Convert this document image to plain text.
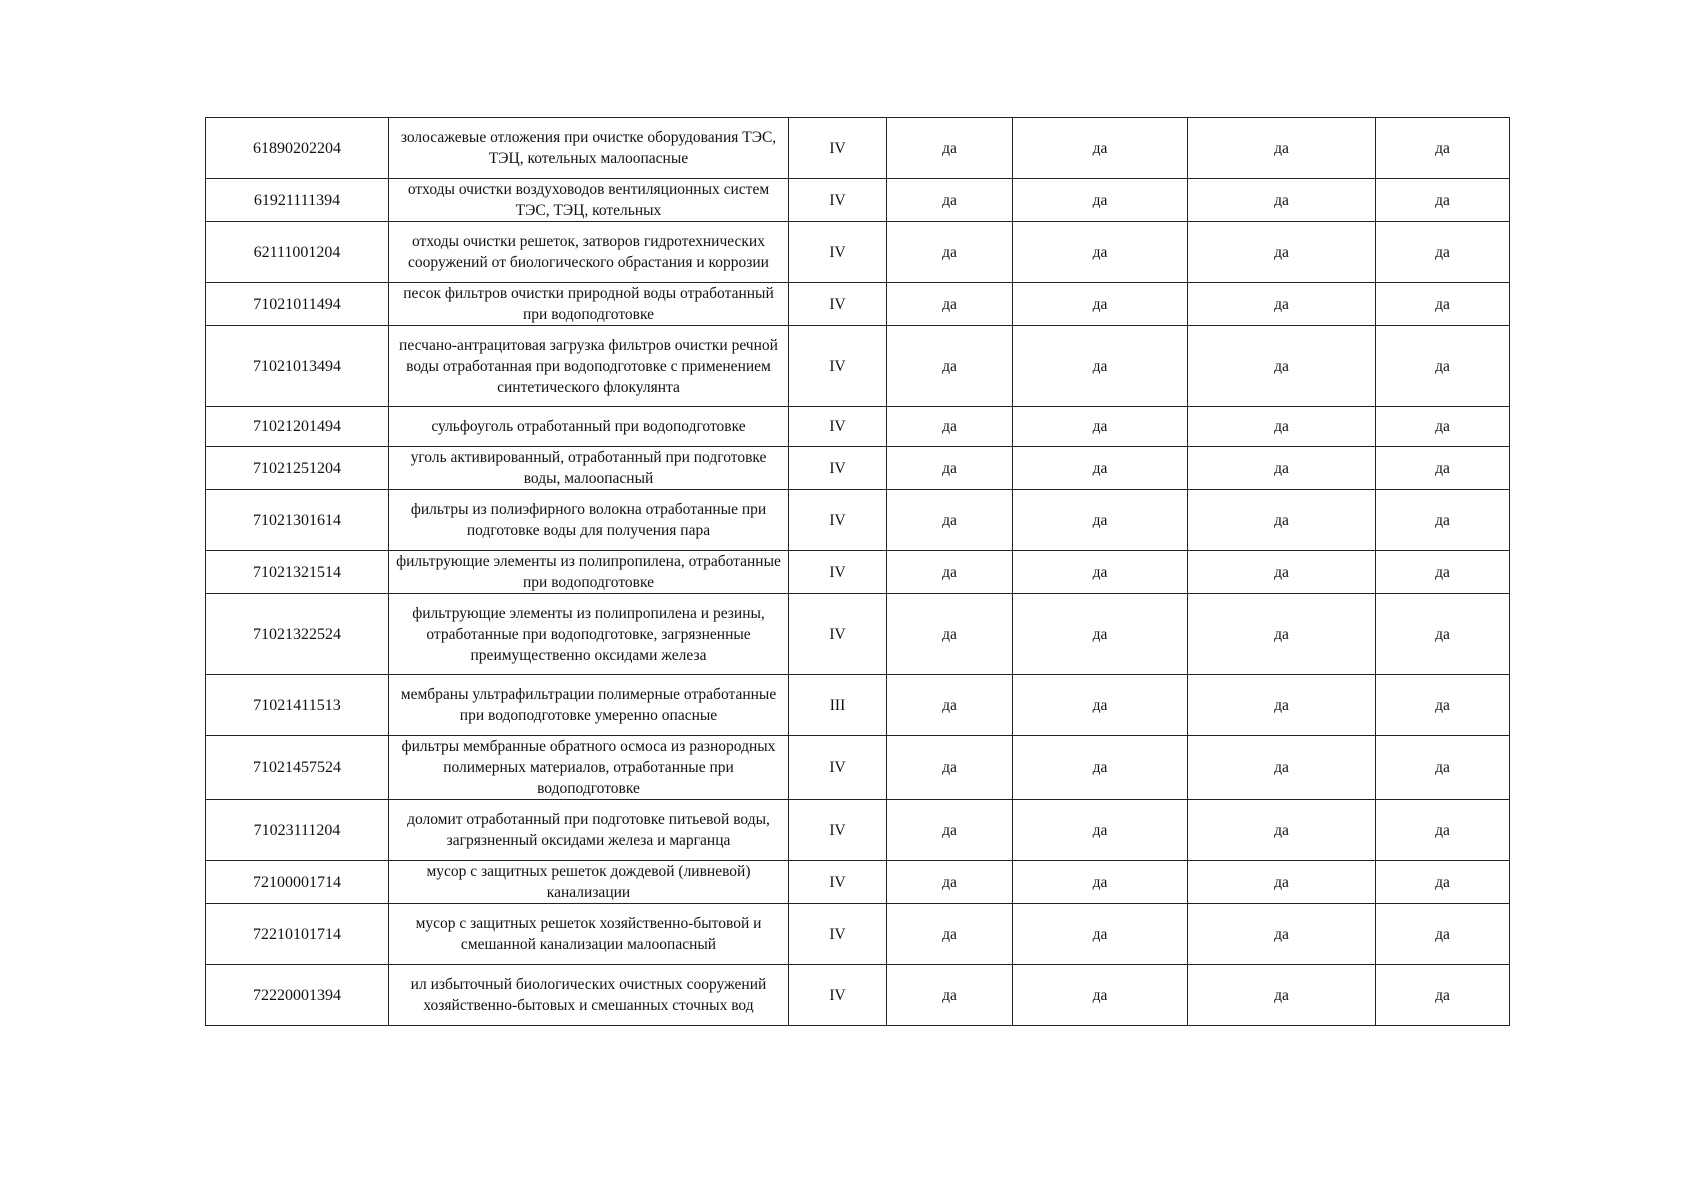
61890202204	золосажевые отложения при очистке оборудования ТЭС, ТЭЦ, котельных малоопасные	IV	да	да	да	да
61921111394	отходы очистки воздуховодов вентиляционных систем ТЭС, ТЭЦ, котельных	IV	да	да	да	да
62111001204	отходы очистки решеток, затворов гидротехнических сооружений от биологического обрастания и коррозии	IV	да	да	да	да
71021011494	песок фильтров очистки природной воды отработанный при водоподготовке	IV	да	да	да	да
71021013494	песчано-антрацитовая загрузка фильтров очистки речной воды отработанная при водоподготовке с применением синтетического флокулянта	IV	да	да	да	да
71021201494	сульфоуголь отработанный при водоподготовке	IV	да	да	да	да
71021251204	уголь активированный, отработанный при подготовке воды, малоопасный	IV	да	да	да	да
71021301614	фильтры из полиэфирного волокна отработанные при подготовке воды для получения пара	IV	да	да	да	да
71021321514	фильтрующие элементы из полипропилена, отработанные при водоподготовке	IV	да	да	да	да
71021322524	фильтрующие элементы из полипропилена и резины, отработанные при водоподготовке, загрязненные преимущественно оксидами железа	IV	да	да	да	да
71021411513	мембраны ультрафильтрации полимерные отработанные при водоподготовке умеренно опасные	III	да	да	да	да
71021457524	фильтры мембранные обратного осмоса из разнородных полимерных материалов, отработанные при водоподготовке	IV	да	да	да	да
71023111204	доломит отработанный при подготовке питьевой воды, загрязненный оксидами железа и марганца	IV	да	да	да	да
72100001714	мусор с защитных решеток дождевой (ливневой) канализации	IV	да	да	да	да
72210101714	мусор с защитных решеток хозяйственно-бытовой и смешанной канализации малоопасный	IV	да	да	да	да
72220001394	ил избыточный биологических очистных сооружений хозяйственно-бытовых и смешанных сточных вод	IV	да	да	да	да
